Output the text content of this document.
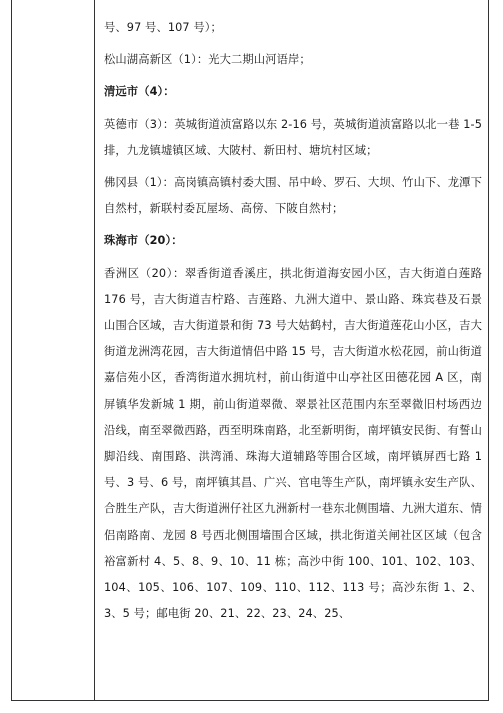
号、97 号、107 号）；

松山湖高新区（1）：光大二期山河语岸；

清远市（4）：

英德市（3）：英城街道浈富路以东 2-16 号，英城街道浈富路以北一巷 1-5 排，九龙镇墟镇区域、大陂村、新田村、塘坑村区域；

佛冈县（1）：高岗镇高镇村委大围、吊中岭、罗石、大坝、竹山下、龙潭下自然村，新联村委瓦屋场、高傍、下陂自然村；

珠海市（20）：

香洲区（20）：翠香街道香溪庄，拱北街道海安园小区，吉大街道白莲路 176 号，吉大街道吉柠路、吉莲路、九洲大道中、景山路、珠宾巷及石景山围合区域，吉大街道景和街 73 号大姑鹤村，吉大街道莲花山小区，吉大街道龙洲湾花园，吉大街道情侣中路 15 号，吉大街道水松花园，前山街道嘉信苑小区，香湾街道水拥坑村，前山街道中山亭社区田德花园 A 区，南屏镇华发新城 1 期，前山街道翠微、翠景社区范围内东至翠微旧村场西边沿线，南至翠微西路，西至明珠南路，北至新明街，南坪镇安民街、有誓山脚沿线、南围路、洪湾涌、珠海大道辅路等围合区域，南坪镇屏西七路 1 号、3 号、6 号，南坪镇其昌、广兴、官电等生产队，南坪镇永安生产队、合胜生产队，吉大街道洲仔社区九洲新村一巷东北侧围墙、九洲大道东、情侣南路南、龙园 8 号西北侧围墙围合区域，拱北街道关闸社区区域（包含裕富新村 4、5、8、9、10、11 栋；高沙中街 100、101、102、103、104、105、106、107、109、110、112、113 号；高沙东街 1、2、3、5 号；邮电街 20、21、22、23、24、25、
